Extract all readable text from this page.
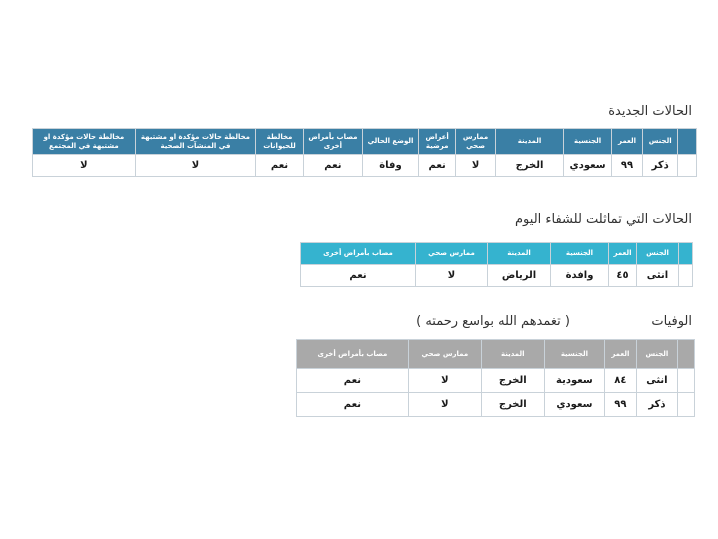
الحالات الجديدة
	الجنس	العمر	الجنسية	المدينة	ممارس صحي	أعراض مرضية	الوضع الحالي	مصاب بأمراض أخرى	مخالطة للحيوانات	مخالطة حالات مؤكدة او مشتبهة في المنشآت الصحية	مخالطة حالات مؤكدة او مشتبهة في المجتمع
	ذكر	٩٩	سعودي	الخرج	لا	نعم	وفاة	نعم	نعم	لا	لا
الحالات التي تماثلت للشفاء اليوم
	الجنس	العمر	الجنسية	المدينة	ممارس صحي	مصاب بأمراض أخرى
	انثى	٤٥	وافدة	الرياض	لا	نعم
الوفيات
( تغمدهم الله بواسع رحمته )
	الجنس	العمر	الجنسية	المدينة	ممارس صحي	مصاب بأمراض أخرى
	انثى	٨٤	سعودية	الخرج	لا	نعم
	ذكر	٩٩	سعودي	الخرج	لا	نعم
